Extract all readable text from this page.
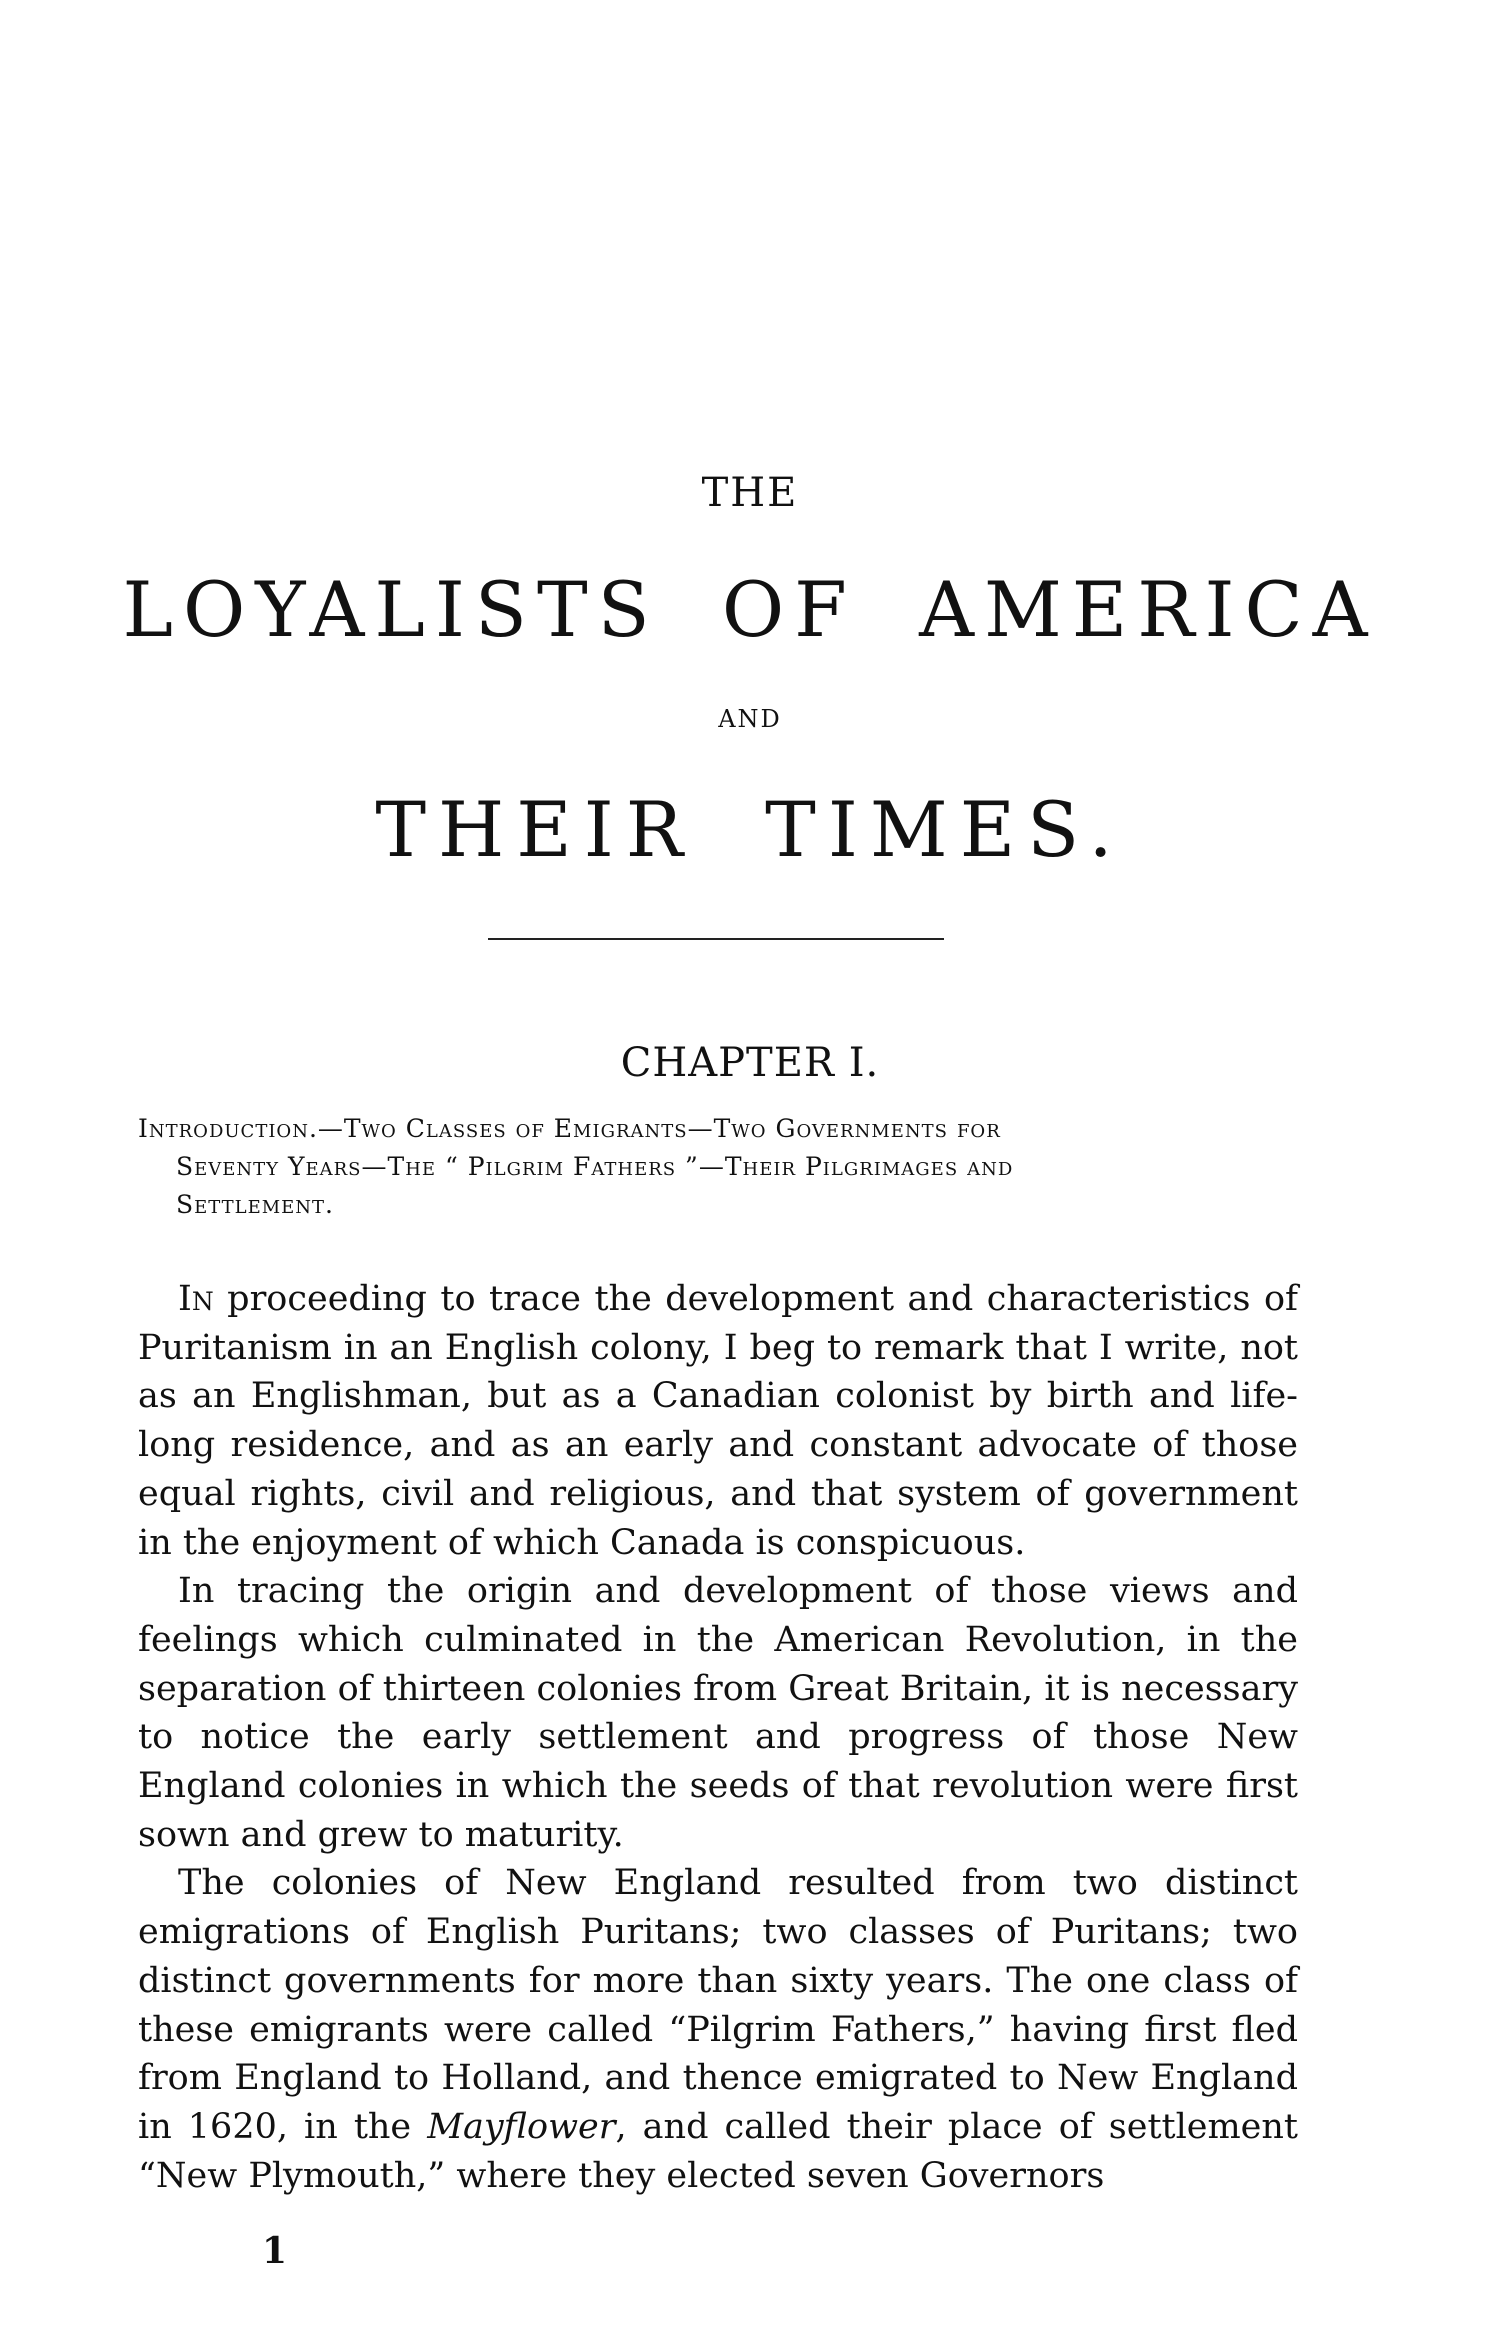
THE
LOYALISTS OF AMERICA
AND
THEIR TIMES.
CHAPTER I.
Introduction.—Two Classes of Emigrants—Two Governments for
Seventy Years—The “ Pilgrim Fathers ”—Their Pilgrimages and
Settlement.

In proceeding to trace the development and characteristics of Puritanism in an English colony, I beg to remark that I write, not as an Englishman, but as a Canadian colonist by birth and life-long residence, and as an early and constant advocate of those equal rights, civil and religious, and that system of government in the enjoyment of which Canada is conspicuous.

In tracing the origin and development of those views and feelings which culminated in the American Revolution, in the separation of thirteen colonies from Great Britain, it is necessary to notice the early settlement and progress of those New England colonies in which the seeds of that revolution were first sown and grew to maturity.

The colonies of New England resulted from two distinct emigrations of English Puritans; two classes of Puritans; two distinct governments for more than sixty years. The one class of these emigrants were called “Pilgrim Fathers,” having first fled from England to Holland, and thence emigrated to New England in 1620, in the Mayflower, and called their place of settlement “New Plymouth,” where they elected seven Governors

1
